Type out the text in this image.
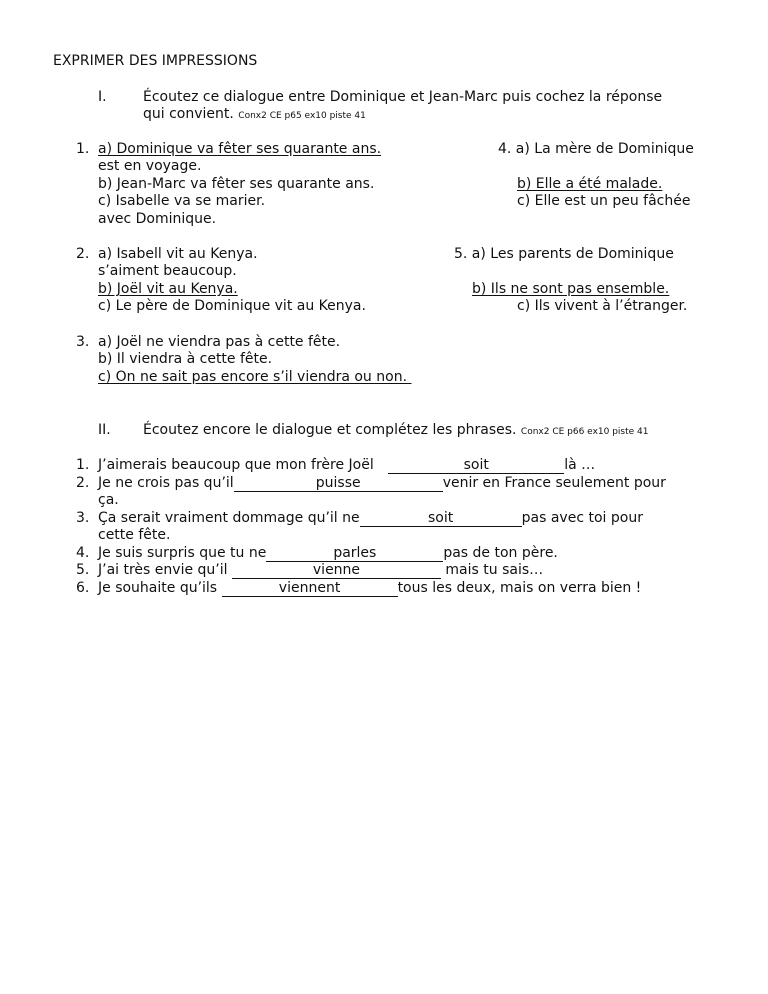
EXPRIMER DES IMPRESSIONS
I.	Écoutez ce dialogue entre Dominique et Jean-Marc puis cochez la réponse
qui convient. Conx2 CE p65 ex10 piste 41
1. a) Dominique va fêter ses quarante ans.
est en voyage.
b) Jean-Marc va fêter ses quarante ans.
c) Isabelle va se marier.
avec Dominique.
4. a) La mère de Dominique
b) Elle a été malade.
c) Elle est un peu fâchée
2. a) Isabell vit au Kenya.
s’aiment beaucoup.
b) Joël vit au Kenya.
c) Le père de Dominique vit au Kenya.
5. a) Les parents de Dominique
b) Ils ne sont pas ensemble.
c) Ils vivent à l’étranger.
3. a) Joël ne viendra pas à cette fête.
b) Il viendra à cette fête.
c) On ne sait pas encore s’il viendra ou non.
II. Écoutez encore le dialogue et complétez les phrases. Conx2 CE p66 ex10 piste 41
1. J’aimerais beaucoup que mon frère Joël	soit	là …
2. Je ne crois pas qu’il	puisse	venir en France seulement pour
ça.
3. Ça serait vraiment dommage qu’il ne	soit	pas avec toi pour
cette fête.
4. Je suis surpris que tu ne	parles	pas de ton père.
5. J’ai très envie qu’il	vienne	mais tu sais…
6. Je souhaite qu’ils	viennent	tous les deux, mais on verra bien !
